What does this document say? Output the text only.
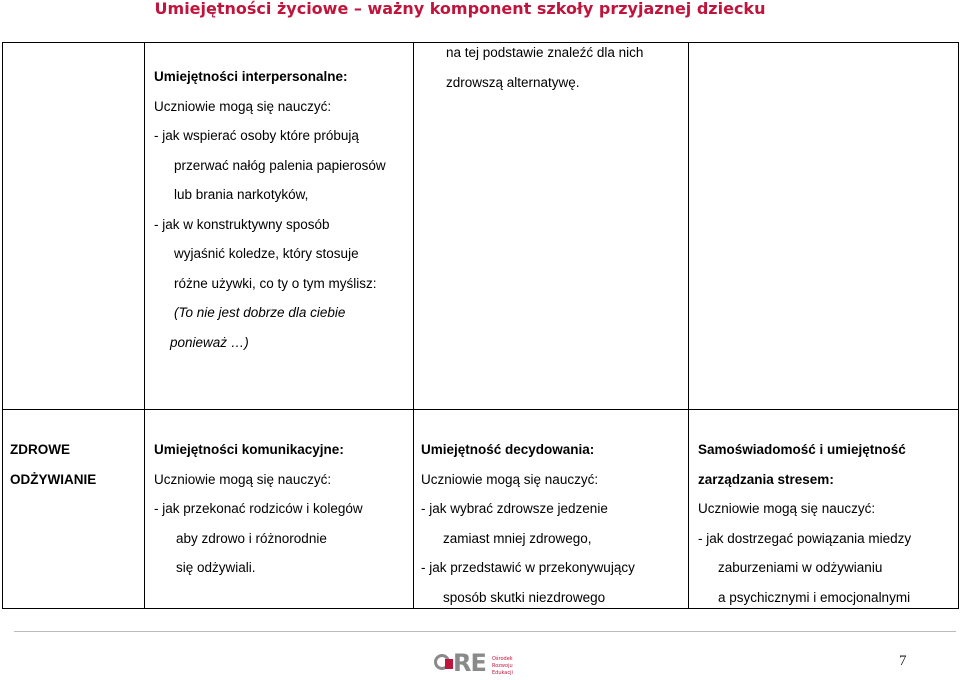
Umiejętności życiowe – ważny komponent szkoły przyjaznej dziecku
Umiejętności interpersonalne:
Uczniowie mogą się nauczyć:
- jak wspierać osoby które próbują
przerwać nałóg palenia papierosów
lub brania narkotyków,
- jak w konstruktywny sposób
wyjaśnić koledze, który stosuje
różne używki, co ty o tym myślisz:
(To nie jest dobrze dla ciebie
ponieważ …)
na tej podstawie znaleźć dla nich
zdrowszą alternatywę.
ZDROWE
ODŻYWIANIE
Umiejętności komunikacyjne:
Uczniowie mogą się nauczyć:
- jak przekonać rodziców i kolegów
aby zdrowo i różnorodnie
się odżywiali.
Umiejętność decydowania:
Uczniowie mogą się nauczyć:
- jak wybrać zdrowsze jedzenie
zamiast mniej zdrowego,
- jak przedstawić w przekonywujący
sposób skutki niezdrowego
Samoświadomość i umiejętność
zarządzania stresem:
Uczniowie mogą się nauczyć:
- jak dostrzegać powiązania miedzy
zaburzeniami w odżywianiu
a psychicznymi i emocjonalnymi
RE Ośrodek
Rozwoju
Edukacji
7
